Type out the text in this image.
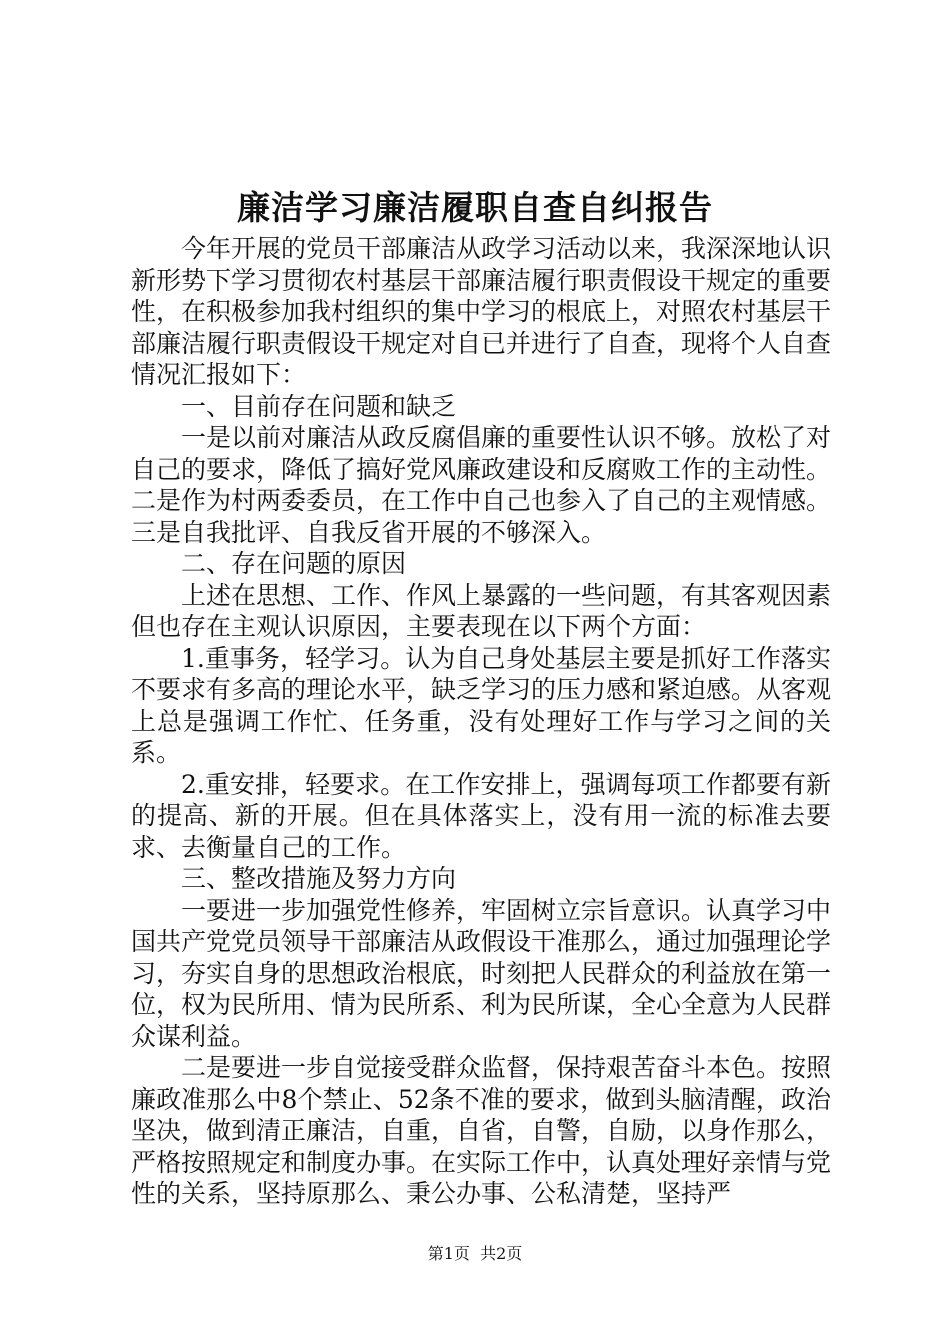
廉洁学习廉洁履职自查自纠报告

今年开展的党员干部廉洁从政学习活动以来，我深深地认识新形势下学习贯彻农村基层干部廉洁履行职责假设干规定的重要性，在积极参加我村组织的集中学习的根底上，对照农村基层干部廉洁履行职责假设干规定对自已并进行了自查，现将个人自查情况汇报如下：

一、目前存在问题和缺乏

一是以前对廉洁从政反腐倡廉的重要性认识不够。放松了对自己的要求，降低了搞好党风廉政建设和反腐败工作的主动性。二是作为村两委委员，在工作中自己也参入了自己的主观情感。三是自我批评、自我反省开展的不够深入。

二、存在问题的原因

上述在思想、工作、作风上暴露的一些问题，有其客观因素但也存在主观认识原因，主要表现在以下两个方面：

1.重事务，轻学习。认为自己身处基层主要是抓好工作落实不要求有多高的理论水平，缺乏学习的压力感和紧迫感。从客观上总是强调工作忙、任务重，没有处理好工作与学习之间的关系。

2.重安排，轻要求。在工作安排上，强调每项工作都要有新的提高、新的开展。但在具体落实上，没有用一流的标准去要求、去衡量自己的工作。

三、整改措施及努力方向

一要进一步加强党性修养，牢固树立宗旨意识。认真学习中国共产党党员领导干部廉洁从政假设干准那么，通过加强理论学习，夯实自身的思想政治根底，时刻把人民群众的利益放在第一位，权为民所用、情为民所系、利为民所谋，全心全意为人民群众谋利益。

二是要进一步自觉接受群众监督，保持艰苦奋斗本色。按照廉政准那么中8个禁止、52条不准的要求，做到头脑清醒，政治坚决，做到清正廉洁，自重，自省，自警，自励，以身作那么，严格按照规定和制度办事。在实际工作中，认真处理好亲情与党性的关系，坚持原那么、秉公办事、公私清楚，坚持严

第1页  共2页
